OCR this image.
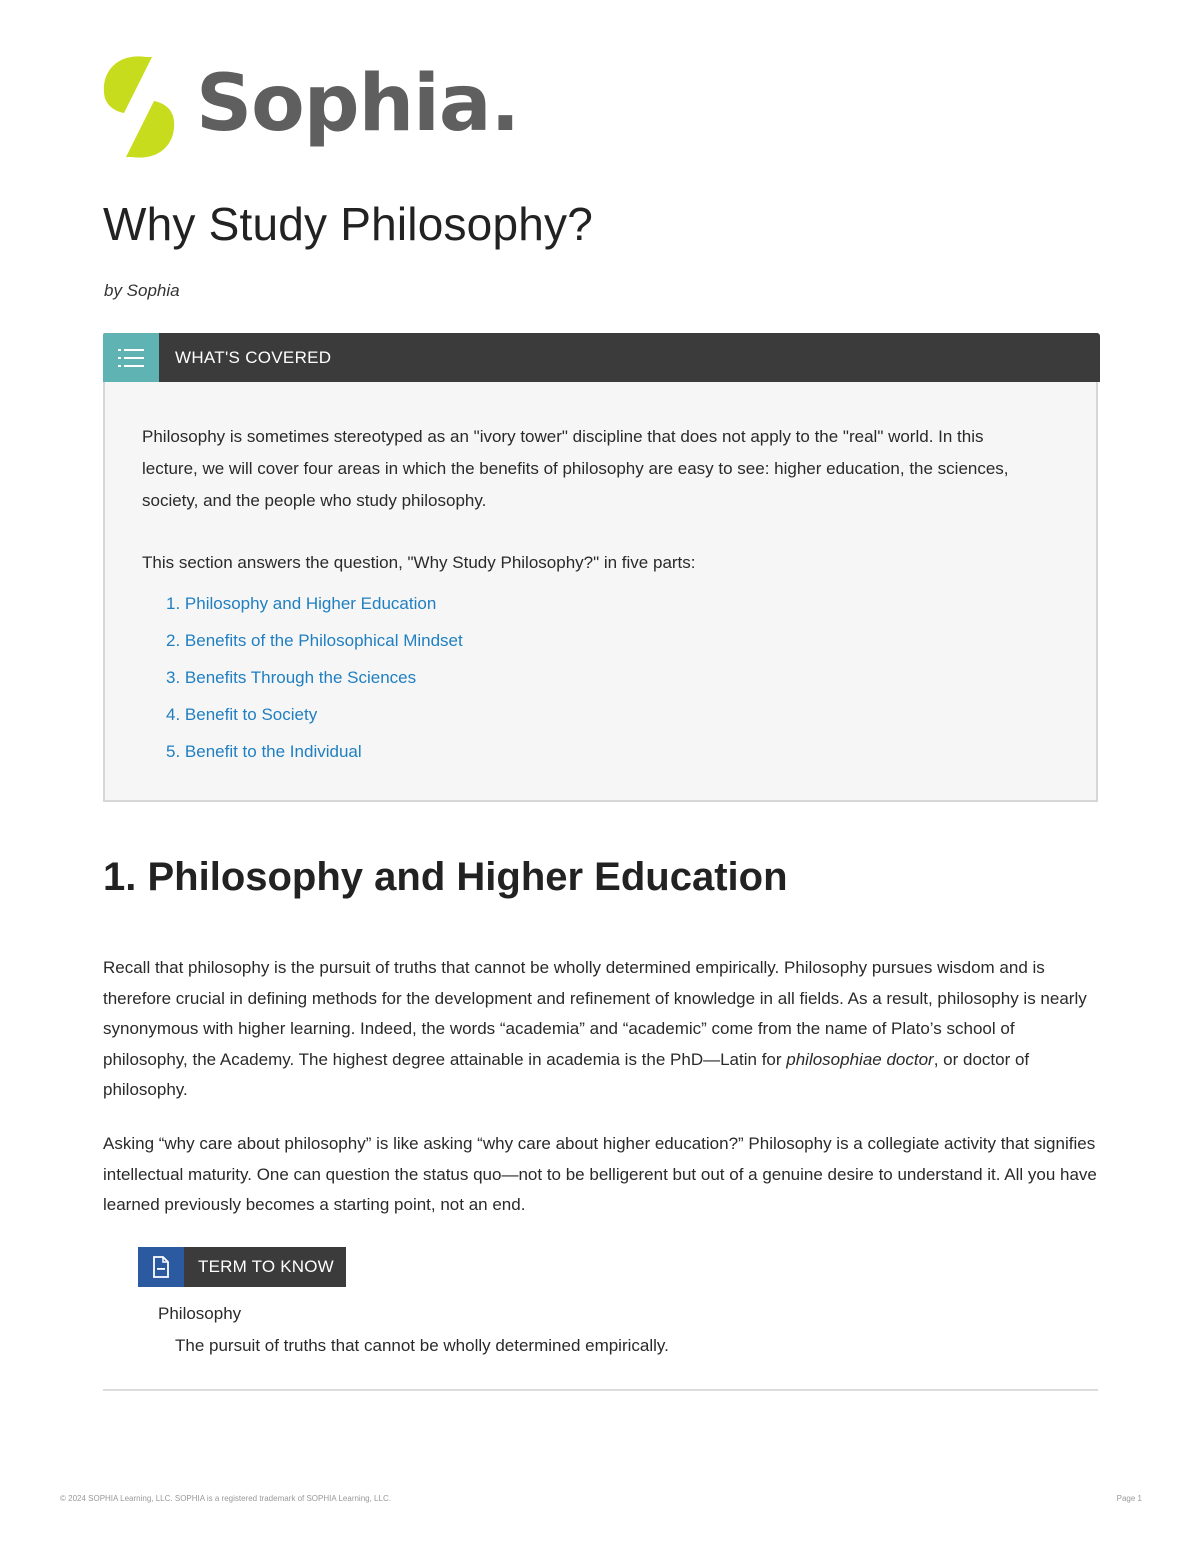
Sophia.
Why Study Philosophy?
by Sophia
WHAT'S COVERED

Philosophy is sometimes stereotyped as an "ivory tower" discipline that does not apply to the "real" world. In this lecture, we will cover four areas in which the benefits of philosophy are easy to see: higher education, the sciences, society, and the people who study philosophy.

This section answers the question, "Why Study Philosophy?" in five parts:

1. Philosophy and Higher Education
2. Benefits of the Philosophical Mindset
3. Benefits Through the Sciences
4. Benefit to Society
5. Benefit to the Individual
1. Philosophy and Higher Education

Recall that philosophy is the pursuit of truths that cannot be wholly determined empirically. Philosophy pursues wisdom and is therefore crucial in defining methods for the development and refinement of knowledge in all fields. As a result, philosophy is nearly synonymous with higher learning. Indeed, the words “academia” and “academic” come from the name of Plato’s school of philosophy, the Academy. The highest degree attainable in academia is the PhD—Latin for philosophiae doctor, or doctor of philosophy.

Asking “why care about philosophy” is like asking “why care about higher education?” Philosophy is a collegiate activity that signifies intellectual maturity. One can question the status quo—not to be belligerent but out of a genuine desire to understand it. All you have learned previously becomes a starting point, not an end.

TERM TO KNOW
Philosophy
The pursuit of truths that cannot be wholly determined empirically.
© 2024 SOPHIA Learning, LLC. SOPHIA is a registered trademark of SOPHIA Learning, LLC.	Page 1
